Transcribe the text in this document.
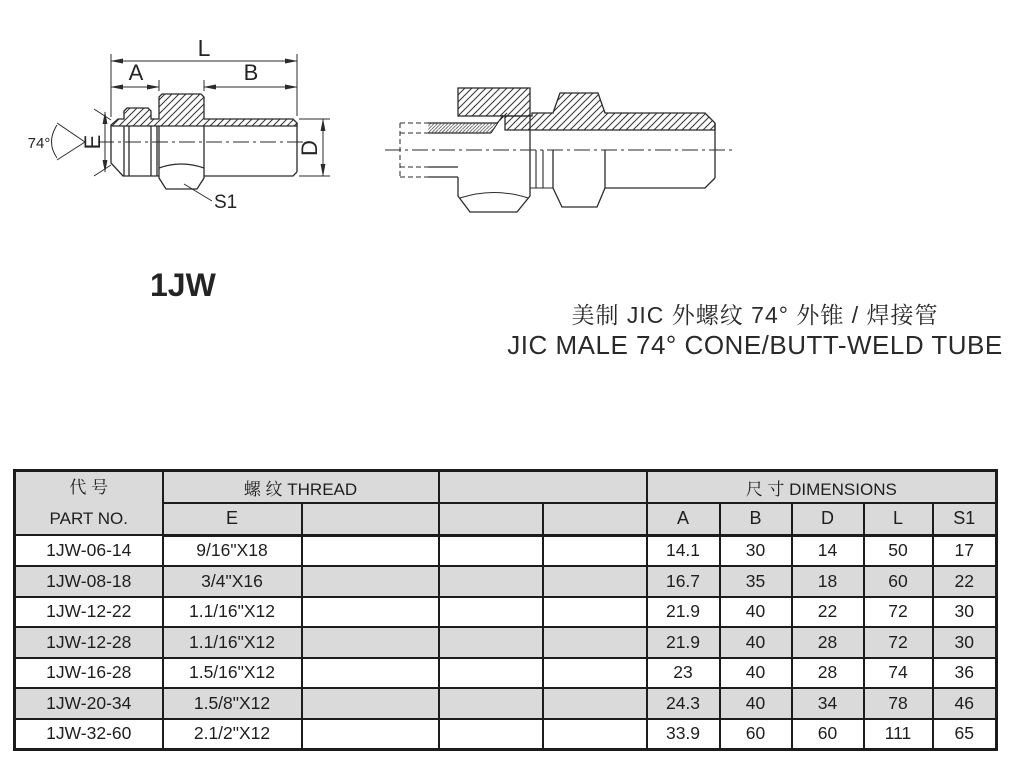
L
A	B
E	D
74°
S1
1JW
美制 JIC 外螺纹 74° 外锥 / 焊接管
JIC MALE 74° CONE/BUTT-WELD TUBE
代 号
PART NO.	螺 纹 THREAD				尺 寸 DIMENSIONS				
	E				A	B	D	L	S1
1JW-06-14	9/16"X18				14.1	30	14	50	17
1JW-08-18	3/4"X16				16.7	35	18	60	22
1JW-12-22	1.1/16"X12				21.9	40	22	72	30
1JW-12-28	1.1/16"X12				21.9	40	28	72	30
1JW-16-28	1.5/16"X12				23	40	28	74	36
1JW-20-34	1.5/8"X12				24.3	40	34	78	46
1JW-32-60	2.1/2"X12				33.9	60	60	111	65
